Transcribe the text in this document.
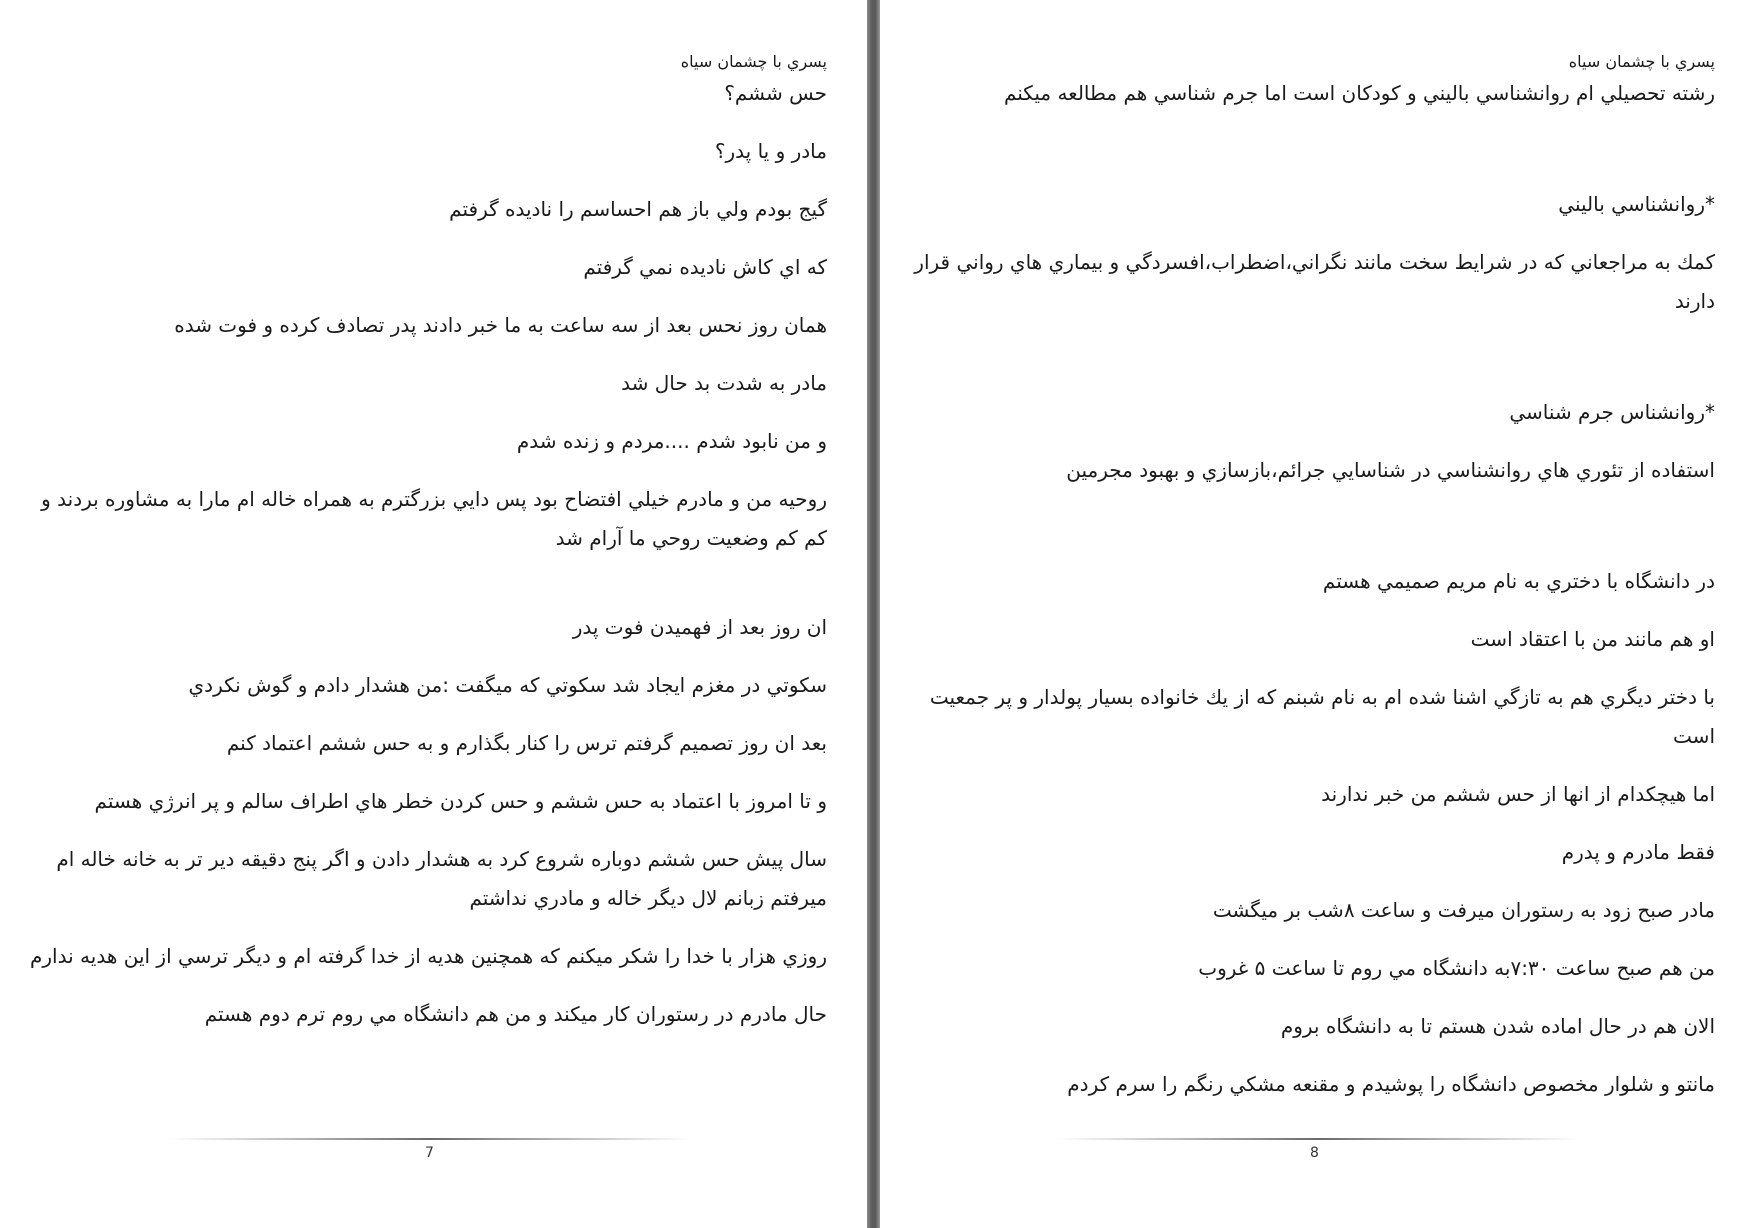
پسري با چشمان سياه

حس ششم؟

مادر و يا پدر؟

گيج بودم ولي باز هم احساسم را ناديده گرفتم

كه اي كاش ناديده نمي گرفتم

همان روز نحس بعد از سه ساعت به ما خبر دادند پدر تصادف كرده و فوت شده

مادر به شدت بد حال شد

و من نابود شدم ....مردم و زنده شدم

روحيه من و مادرم خيلي افتضاح بود پس دايي بزرگترم به همراه خاله ام مارا به مشاوره بردند و كم كم وضعيت روحي ما آرام شد

ان روز بعد از فهميدن فوت پدر

سكوتي در مغزم ايجاد شد سكوتي كه ميگفت :من هشدار دادم و گوش نكردي

بعد ان روز تصميم گرفتم ترس را كنار بگذارم و به حس ششم اعتماد كنم

و تا امروز با اعتماد به حس ششم و حس كردن خطر هاي اطراف سالم و پر انرژي هستم

سال پيش حس ششم دوباره شروع كرد به هشدار دادن و اگر پنج دقيقه دير تر به خانه خاله ام ميرفتم زبانم لال ديگر خاله و مادري نداشتم

روزي هزار با خدا را شكر ميكنم كه همچنين هديه از خدا گرفته ام و ديگر ترسي از اين هديه ندارم

حال مادرم در رستوران كار ميكند و من هم دانشگاه مي روم ترم دوم هستم

7

پسري با چشمان سياه

رشته تحصيلي ام روانشناسي باليني و كودكان است اما جرم شناسي هم مطالعه ميكنم

*روانشناسي باليني

كمك به مراجعاني كه در شرايط سخت مانند نگراني،اضطراب،افسردگي و بيماري هاي رواني قرار دارند

*روانشناس جرم شناسي

استفاده از تئوري هاي روانشناسي در شناسايي جرائم،بازسازي و بهبود مجرمين

در دانشگاه با دختري به نام مريم صميمي هستم

او هم مانند من با اعتقاد است

با دختر ديگري هم به تازگي اشنا شده ام به نام شبنم كه از يك خانواده بسيار پولدار و پر جمعيت است

اما هيچكدام از انها از حس ششم من خبر ندارند

فقط مادرم و پدرم

مادر صبح زود به رستوران ميرفت و ساعت ۸شب بر ميگشت

من هم صبح ساعت ۷:۳۰به دانشگاه مي روم تا ساعت ۵ غروب

الان هم در حال اماده شدن هستم تا به دانشگاه بروم

مانتو و شلوار مخصوص دانشگاه را پوشيدم و مقنعه مشكي رنگم را سرم كردم

8
